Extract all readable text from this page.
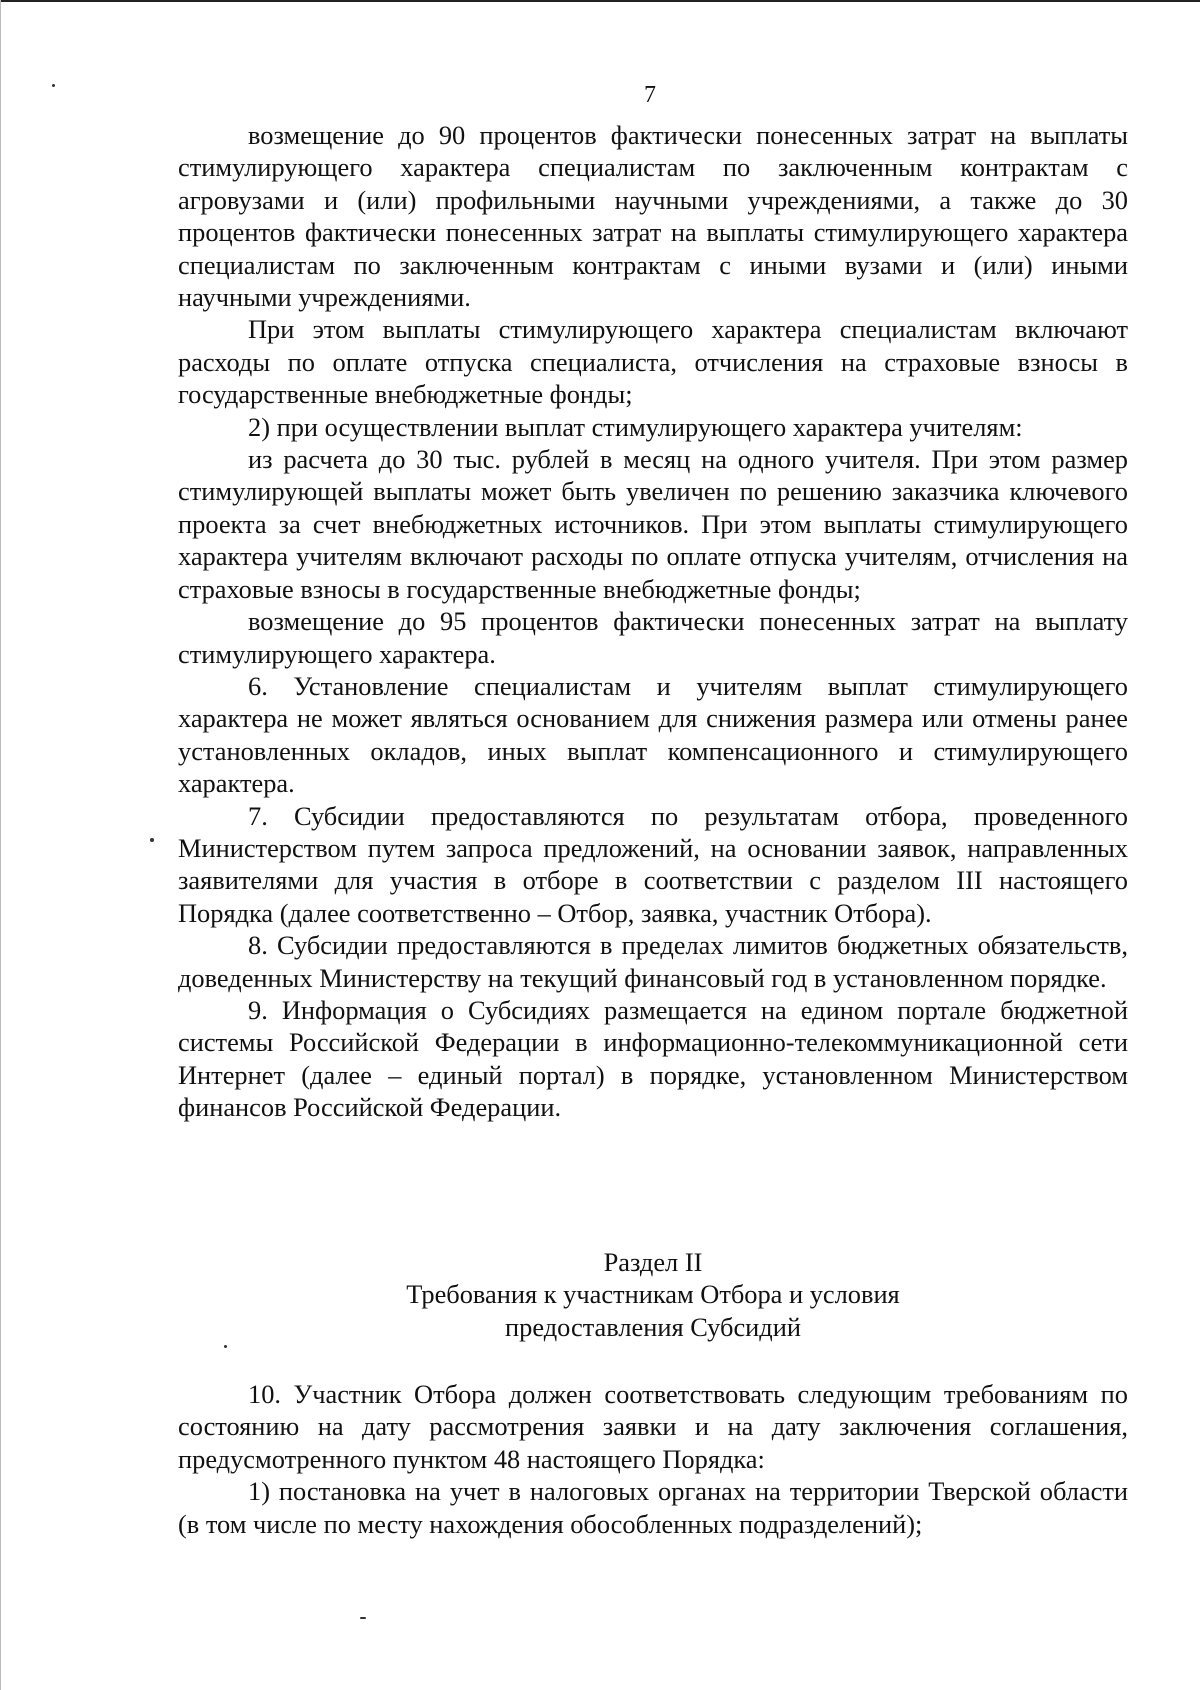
7

возмещение до 90 процентов фактически понесенных затрат на выплаты стимулирующего характера специалистам по заключенным контрактам с агровузами и (или) профильными научными учреждениями, а также до 30 процентов фактически понесенных затрат на выплаты стимулирующего характера специалистам по заключенным контрактам с иными вузами и (или) иными научными учреждениями.

При этом выплаты стимулирующего характера специалистам включают расходы по оплате отпуска специалиста, отчисления на страховые взносы в государственные внебюджетные фонды;

2) при осуществлении выплат стимулирующего характера учителям:

из расчета до 30 тыс. рублей в месяц на одного учителя. При этом размер стимулирующей выплаты может быть увеличен по решению заказчика ключевого проекта за счет внебюджетных источников. При этом выплаты стимулирующего характера учителям включают расходы по оплате отпуска учителям, отчисления на страховые взносы в государственные внебюджетные фонды;

возмещение до 95 процентов фактически понесенных затрат на выплату стимулирующего характера.

6. Установление специалистам и учителям выплат стимулирующего характера не может являться основанием для снижения размера или отмены ранее установленных окладов, иных выплат компенсационного и стимулирующего характера.

7. Субсидии предоставляются по результатам отбора, проведенного Министерством путем запроса предложений, на основании заявок, направленных заявителями для участия в отборе в соответствии с разделом III настоящего Порядка (далее соответственно – Отбор, заявка, участник Отбора).

8. Субсидии предоставляются в пределах лимитов бюджетных обязательств, доведенных Министерству на текущий финансовый год в установленном порядке.

9. Информация о Субсидиях размещается на едином портале бюджетной системы Российской Федерации в информационно-телекоммуникационной сети Интернет (далее – единый портал) в порядке, установленном Министерством финансов Российской Федерации.

Раздел II
Требования к участникам Отбора и условия
предоставления Субсидий

10. Участник Отбора должен соответствовать следующим требованиям по состоянию на дату рассмотрения заявки и на дату заключения соглашения, предусмотренного пунктом 48 настоящего Порядка:

1) постановка на учет в налоговых органах на территории Тверской области (в том числе по месту нахождения обособленных подразделений);
